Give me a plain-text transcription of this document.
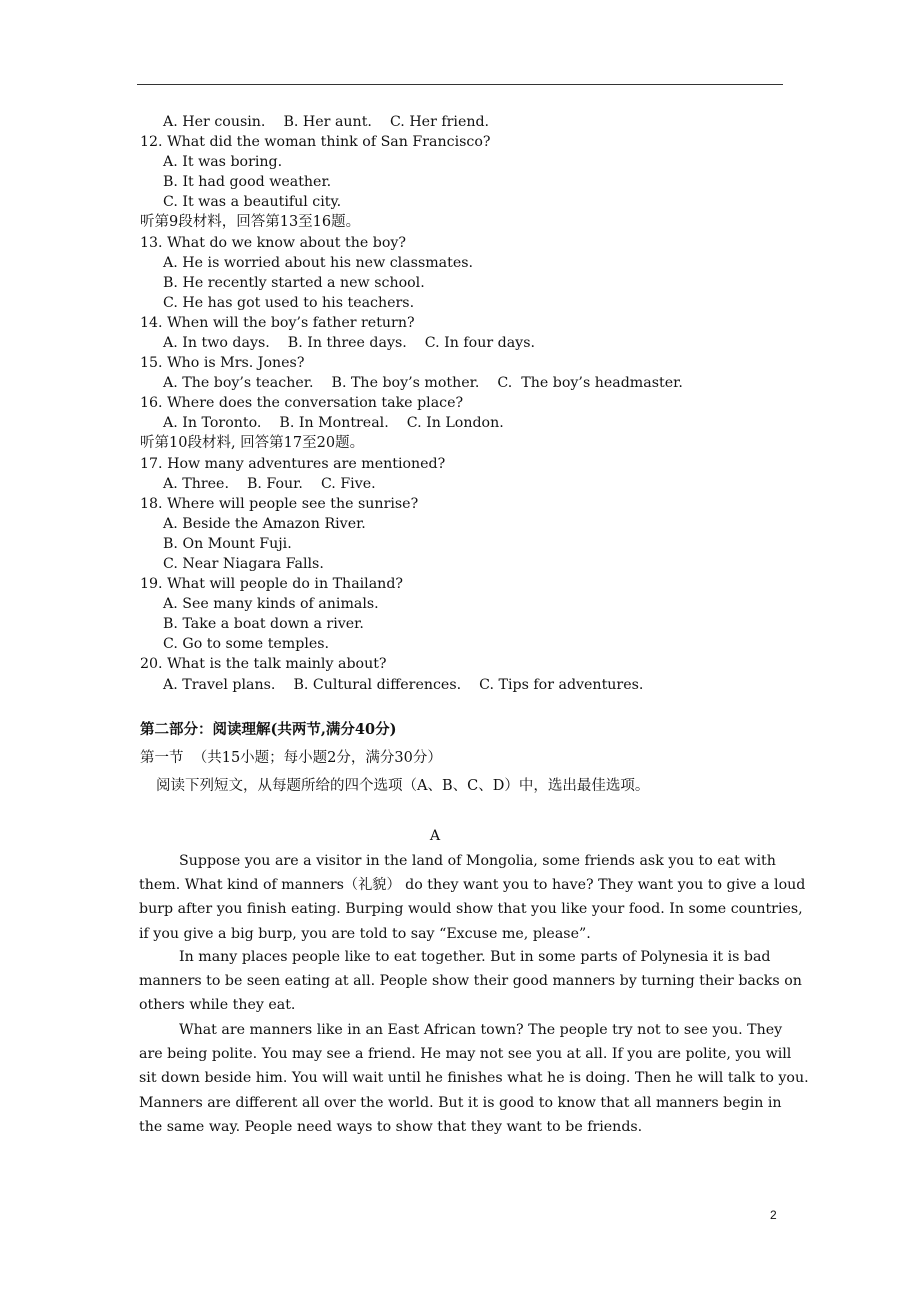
A. Her cousin.    B. Her aunt.    C. Her friend.
12. What did the woman think of San Francisco?
A. It was boring.
B. It had good weather.
C. It was a beautiful city.
听第9段材料，回答第13至16题。
13. What do we know about the boy?
A. He is worried about his new classmates.
B. He recently started a new school.
C. He has got used to his teachers.
14. When will the boy’s father return?
A. In two days.    B. In three days.    C. In four days.
15. Who is Mrs. Jones?
A. The boy’s teacher.    B. The boy’s mother.    C.  The boy’s headmaster.
16. Where does the conversation take place?
A. In Toronto.    B. In Montreal.    C. In London.
听第10段材料, 回答第17至20题。
17. How many adventures are mentioned?
A. Three.    B. Four.    C. Five.
18. Where will people see the sunrise?
A. Beside the Amazon River.
B. On Mount Fuji.
C. Near Niagara Falls.
19. What will people do in Thailand?
A. See many kinds of animals.
B. Take a boat down a river.
C. Go to some temples.
20. What is the talk mainly about?
A. Travel plans.    B. Cultural differences.    C. Tips for adventures.
第二部分：阅读理解(共两节,满分40分)
第一节  （共15小题；每小题2分，满分30分）
阅读下列短文，从每题所给的四个选项（A、B、C、D）中，选出最佳选项。
A
Suppose you are a visitor in the land of Mongolia, some friends ask you to eat with them. What kind of manners（礼貌） do they want you to have? They want you to give a loud burp after you finish eating. Burping would show that you like your food. In some countries, if you give a big burp, you are told to say “Excuse me, please”.
In many places people like to eat together. But in some parts of Polynesia it is bad manners to be seen eating at all. People show their good manners by turning their backs on others while they eat.
What are manners like in an East African town? The people try not to see you. They are being polite. You may see a friend. He may not see you at all. If you are polite, you will sit down beside him. You will wait until he finishes what he is doing. Then he will talk to you. Manners are different all over the world. But it is good to know that all manners begin in the same way. People need ways to show that they want to be friends.
2
